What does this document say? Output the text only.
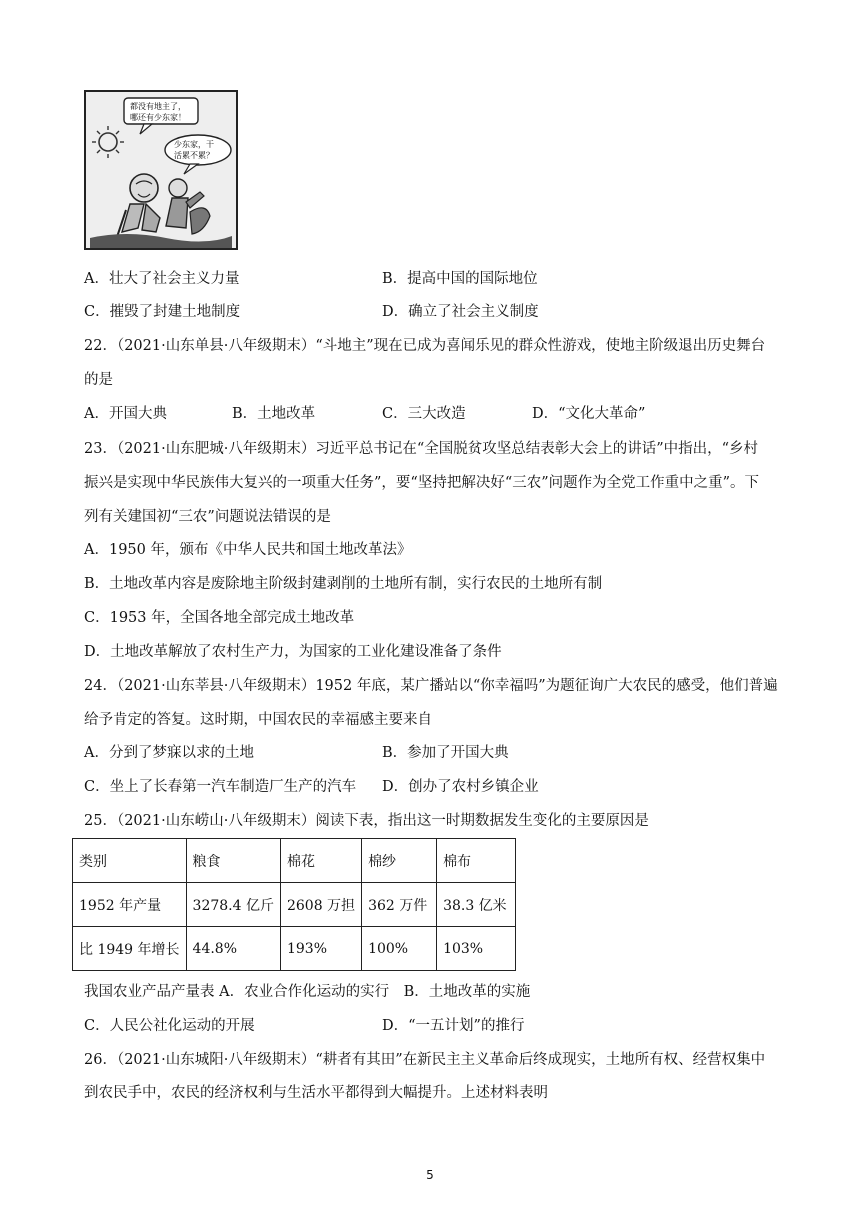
都没有地主了，
哪还有少东家！
少东家，干
活累不累？
A．壮大了社会主义力量	B．提高中国的国际地位
C．摧毁了封建土地制度	D．确立了社会主义制度
22．（2021·山东单县·八年级期末）“斗地主”现在已成为喜闻乐见的群众性游戏，使地主阶级退出历史舞台
的是
A．开国大典	B．土地改革	C．三大改造	D．“文化大革命”
23．（2021·山东肥城·八年级期末）习近平总书记在“全国脱贫攻坚总结表彰大会上的讲话”中指出，“乡村
振兴是实现中华民族伟大复兴的一项重大任务”，要“坚持把解决好“三农”问题作为全党工作重中之重”。下
列有关建国初“三农”问题说法错误的是
A．1950 年，颁布《中华人民共和国土地改革法》
B．土地改革内容是废除地主阶级封建剥削的土地所有制，实行农民的土地所有制
C．1953 年，全国各地全部完成土地改革
D．土地改革解放了农村生产力，为国家的工业化建设准备了条件
24．（2021·山东莘县·八年级期末）1952 年底，某广播站以“你幸福吗”为题征询广大农民的感受，他们普遍
给予肯定的答复。这时期，中国农民的幸福感主要来自
A．分到了梦寐以求的土地	B．参加了开国大典
C．坐上了长春第一汽车制造厂生产的汽车 D．创办了农村乡镇企业
25．（2021·山东崂山·八年级期末）阅读下表，指出这一时期数据发生变化的主要原因是
类别	粮食	棉花	棉纱	棉布
1952 年产量	3278.4 亿斤	2608 万担	362 万件	38.3 亿米
比 1949 年增长	44.8%	193%	100%	103%
我国农业产品产量表 A．农业合作化运动的实行　B．土地改革的实施
C．人民公社化运动的开展	D．“一五计划”的推行
26．（2021·山东城阳·八年级期末）“耕者有其田”在新民主主义革命后终成现实，土地所有权、经营权集中
到农民手中，农民的经济权利与生活水平都得到大幅提升。上述材料表明
5
